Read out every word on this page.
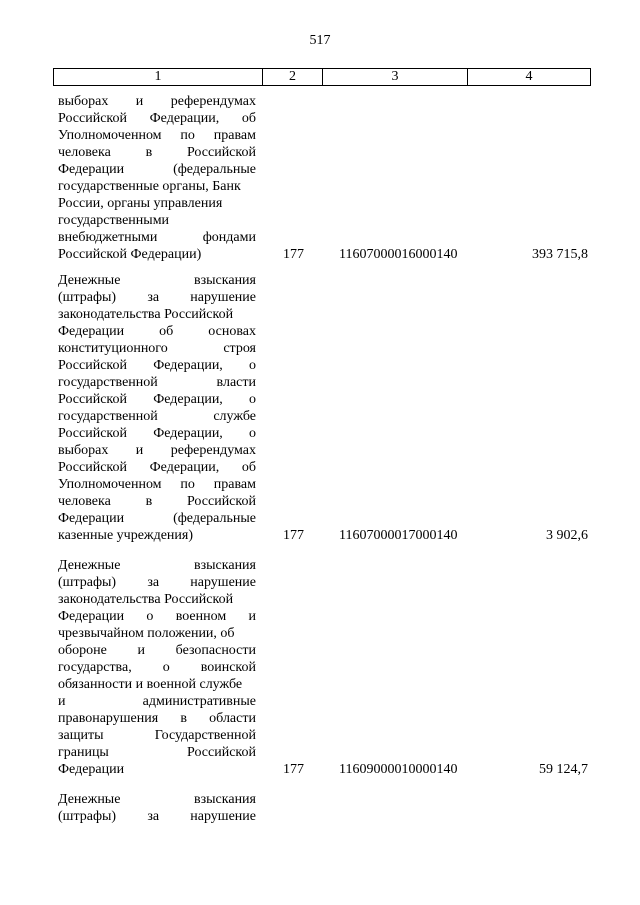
517
1	2	3	4
выборах и референдумах
Российской Федерации, об
Уполномоченном по правам
человека в Российской
Федерации	(федеральные
государственные органы, Банк
России, органы управления
государственными
внебюджетными	фондами
Российской Федерации)	177	11607000016000140	393 715,8
Денежные	взыскания
(штрафы) за нарушение
законодательства Российской
Федерации	об	основах
конституционного	строя
Российской Федерации, о
государственной	власти
Российской Федерации, о
государственной	службе
Российской Федерации, о
выборах и референдумах
Российской Федерации, об
Уполномоченном по правам
человека в Российской
Федерации	(федеральные
казенные учреждения)	177	11607000017000140	3 902,6
Денежные	взыскания
(штрафы) за нарушение
законодательства Российской
Федерации о военном и
чрезвычайном положении, об
обороне и безопасности
государства, о воинской
обязанности и военной службе
и	административные
правонарушения в области
защиты	Государственной
границы	Российской
Федерации	177	11609000010000140	59 124,7
Денежные	взыскания
(штрафы) за нарушение
